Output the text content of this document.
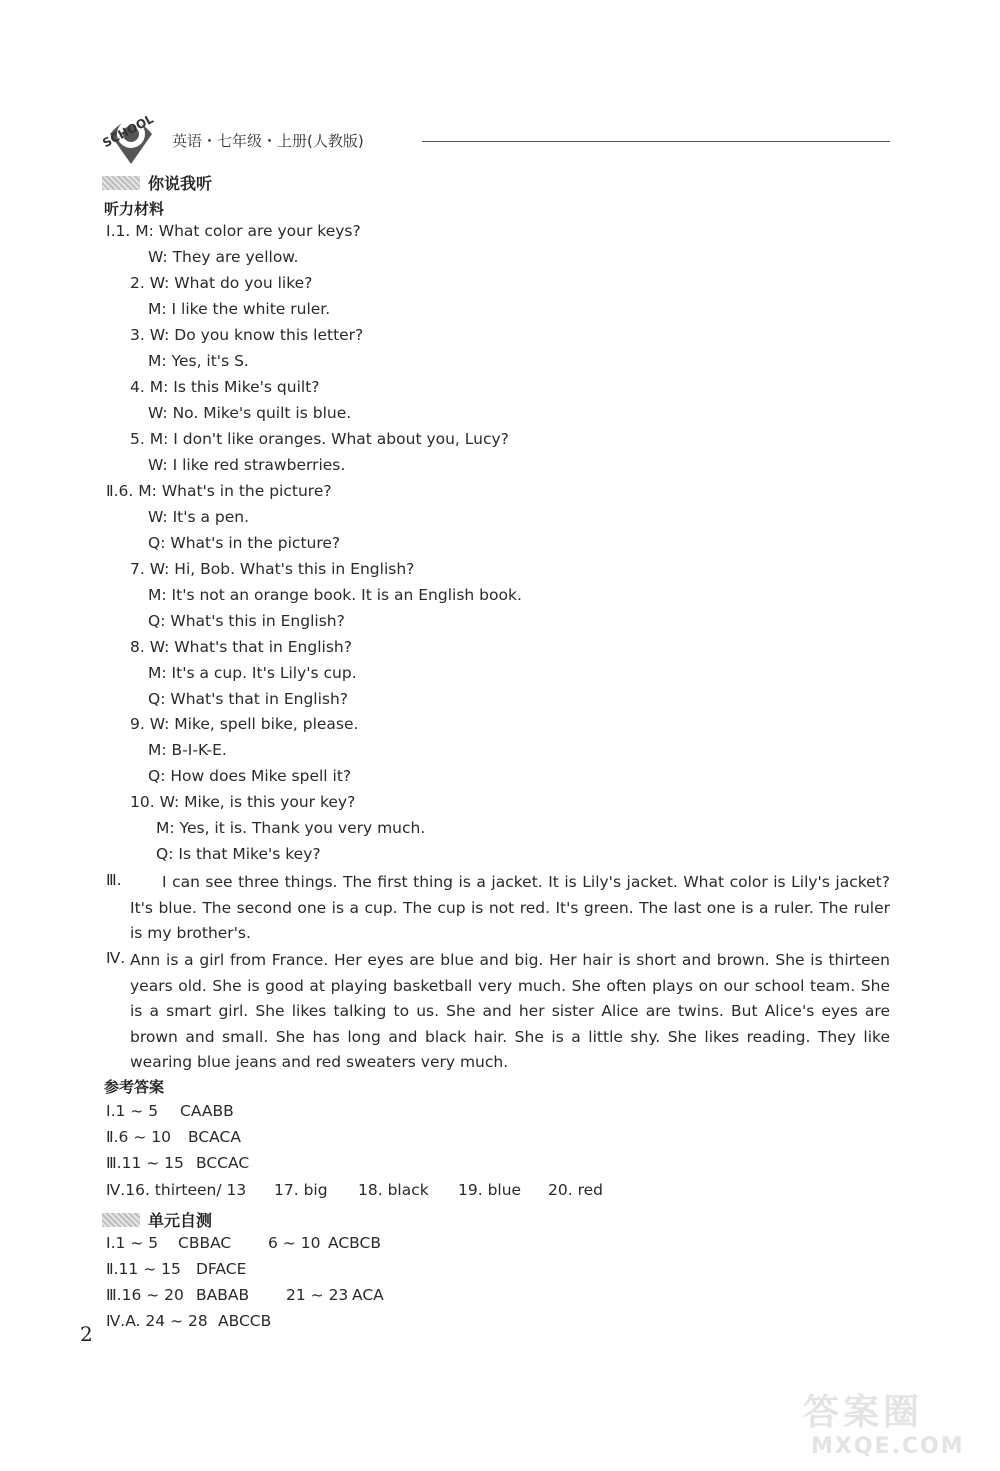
SCHOOL 英语・七年级・上册(人教版)
你说我听
听力材料
Ⅰ.1. M: What color are your keys?
W: They are yellow.
2. W: What do you like?
M: I like the white ruler.
3. W: Do you know this letter?
M: Yes, it's S.
4. M: Is this Mike's quilt?
W: No. Mike's quilt is blue.
5. M: I don't like oranges. What about you, Lucy?
W: I like red strawberries.
Ⅱ.6. M: What's in the picture?
W: It's a pen.
Q: What's in the picture?
7. W: Hi, Bob. What's this in English?
M: It's not an orange book. It is an English book.
Q: What's this in English?
8. W: What's that in English?
M: It's a cup. It's Lily's cup.
Q: What's that in English?
9. W: Mike, spell bike, please.
M: B-I-K-E.
Q: How does Mike spell it?
10. W: Mike, is this your key?
M: Yes, it is. Thank you very much.
Q: Is that Mike's key?
Ⅲ.	I can see three things. The first thing is a jacket. It is Lily's jacket. What color is Lily's jacket? It's blue. The second one is a cup. The cup is not red. It's green. The last one is a ruler. The ruler is my brother's.
Ⅳ. Ann is a girl from France. Her eyes are blue and big. Her hair is short and brown. She is thirteen years old. She is good at playing basketball very much. She often plays on our school team. She is a smart girl. She likes talking to us. She and her sister Alice are twins. But Alice's eyes are brown and small. She has long and black hair. She is a little shy. She likes reading. They like wearing blue jeans and red sweaters very much.
参考答案
Ⅰ.1 ~ 5 CAABB
Ⅱ.6 ~ 10 BCACA
Ⅲ.11 ~ 15 BCCAC
Ⅳ.16. thirteen/ 13 17. big 18. black 19. blue 20. red
单元自测
Ⅰ.1 ~ 5 CBBAC 6 ~ 10 ACBCB
Ⅱ.11 ~ 15 DFACE
Ⅲ.16 ~ 20 BABAB 21 ~ 23 ACA
Ⅳ.A. 24 ~ 28 ABCCB
2
答案圈
MXQE.COM
